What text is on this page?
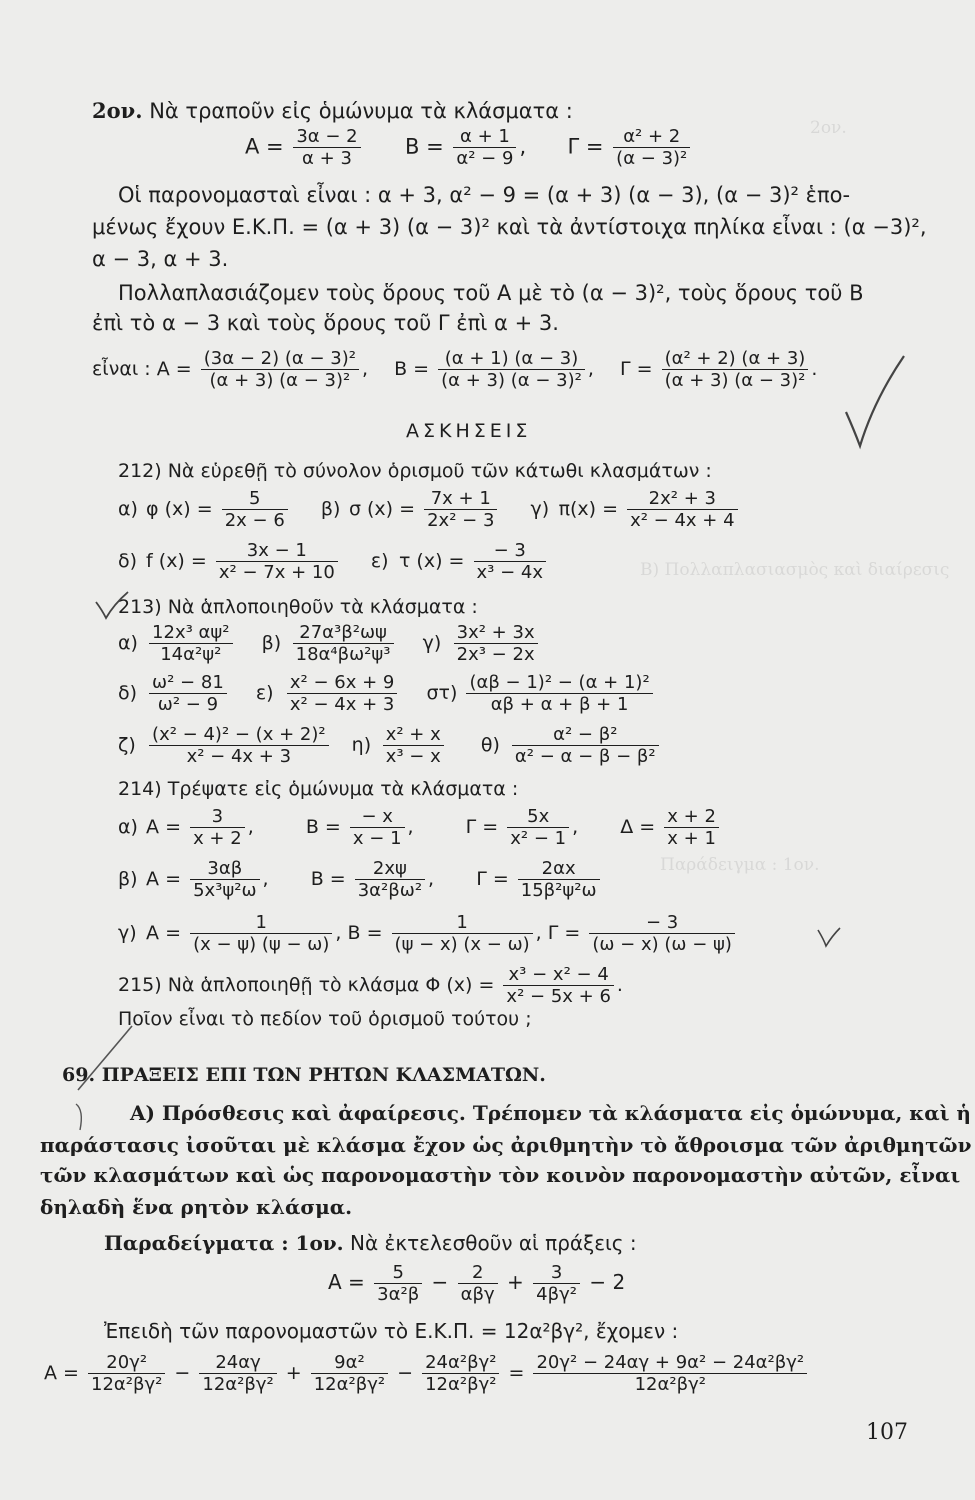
2ον.
B) Πολλαπλασιασμὸς καὶ διαίρεσις
Παράδειγμα : 1ον.
2ον. Νὰ τραποῦν εἰς ὁμώνυμα τὰ κλάσματα :
$A = \frac{3\alpha - 2}{\alpha + 3}$ $B = \frac{\alpha + 1}{\text{α² − 9}}$ , $\Gamma = \frac{\text{α² + 2}}{\text{(α − 3)²}}$
Οἱ παρονομασταὶ εἶναι : α + 3, α² − 9 = (α + 3) (α − 3), (α − 3)² ἑπο-
μένως ἔχουν Ε.Κ.Π. = (α + 3) (α − 3)² καὶ τὰ ἀντίστοιχα πηλίκα εἶναι : (α −3)²,
α − 3, α + 3.
Πολλαπλασιάζομεν τοὺς ὅρους τοῦ Α μὲ τὸ (α − 3)², τοὺς ὅρους τοῦ Β
ἐπὶ τὸ α − 3 καὶ τοὺς ὅρους τοῦ Γ ἐπὶ α + 3.
εἶναι : $A = \frac{\text{(3α − 2) (α − 3)²}}{\text{(α + 3) (α − 3)²}}$ , $B = \frac{(\alpha + 1) (\alpha - 3)}{\text{(α + 3) (α − 3)²}}$ , $\Gamma = \frac{\text{(α² + 2) (α + 3)}}{\text{(α + 3) (α − 3)²}}$ .
ΑΣΚΗΣΕΙΣ
212) Νὰ εὑρεθῇ τὸ σύνολον ὁρισμοῦ τῶν κάτωθι κλασμάτων :
α) φ $(x) = \frac{5}{2x - 6} \beta$) σ $(x) = \frac{7x + 1}{\text{2x² − 3}} \gamma$) $\pi(x) = \frac{\text{2x² + 3}}{\text{x² − 4x + 4}}$
δ) f $(x) = \frac{3x - 1}{\text{x² − 7x + 10}} \varepsilon$) τ $(x) = \frac{- 3}{\text{x³ − 4x}}$
213) Νὰ ἁπλοποιηθοῦν τὰ κλάσματα :
$\alpha) \frac{\text{12x³ αψ²}}{\text{14α²ψ²}} \beta) \frac{\text{27α³β²ωψ}}{\text{18α⁴βω²ψ³}} \gamma) \frac{\text{3x² + 3x}}{\text{2x³ − 2x}}$
$\delta) \frac{\text{ω² − 81}}{\text{ω² − 9}} \varepsilon) \frac{\text{x² − 6x + 9}}{\text{x² − 4x + 3}} \sigma\tau) \frac{\text{(αβ − 1)² − (α + 1)²}}{\alpha\beta + \alpha + \beta + 1}$
$\zeta) \frac{\text{(x² − 4)² − (x + 2)²}}{\text{x² − 4x + 3}} \eta) \frac{\text{x² + x}}{\text{x³ − x}} \theta) \frac{\text{α² − β²}}{\text{α² − α − β − β²}}$
214) Τρέψατε εἰς ὁμώνυμα τὰ κλάσματα :
α) $A = \frac{3}{x + 2}$ ,	$B = \frac{- x}{x - 1}$ ,	$\Gamma = \frac{5x}{\text{x² − 1}}$ , $\Delta = \frac{x + 2}{x + 1}$
β) $A = \frac{3\alpha\beta}{\text{5x³ψ²ω}}$ , $B = \frac{2x\psi}{\text{3α²βω²}}$ , $\Gamma = \frac{2\alpha x}{\text{15β²ψ²ω}}$
γ) $A = \frac{1}{(x - \psi) (\psi - \omega)}$ , $B = \frac{1}{(\psi - x) (x - \omega)}$ , $\Gamma = \frac{- 3}{(\omega - x) (\omega - \psi)}$
215) Νὰ ἁπλοποιηθῇ τὸ κλάσμα Φ $(x) = \frac{\text{x³ − x² − 4}}{\text{x² − 5x + 6}}$ .
Ποῖον εἶναι τὸ πεδίον τοῦ ὁρισμοῦ τούτου ;
69. ΠΡΑΞΕΙΣ ΕΠΙ ΤΩΝ ΡΗΤΩΝ ΚΛΑΣΜΑΤΩΝ.
Α) Πρόσθεσις καὶ ἀφαίρεσις. Τρέπομεν τὰ κλάσματα εἰς ὁμώνυμα, καὶ ἡ
παράστασις ἰσοῦται μὲ κλάσμα ἔχον ὡς ἀριθμητὴν τὸ ἄθροισμα τῶν ἀριθμητῶν
τῶν κλασμάτων καὶ ὡς παρονομαστὴν τὸν κοινὸν παρονομαστὴν αὐτῶν, εἶναι
δηλαδὴ ἕνα ρητὸν κλάσμα.
Παραδείγματα : 1ον. Νὰ ἐκτελεσθοῦν αἱ πράξεις :
$A = \frac{5}{\text{3α²β}}$ −	2
αβγ
+ $\frac{3}{\text{4βγ²}} - 2$
Ἐπειδὴ τῶν παρονομαστῶν τὸ Ε.Κ.Π. = 12α²βγ², ἔχομεν :
$A = \frac{\text{20γ²}}{\text{12α²βγ²}} - \frac{24\alpha\gamma}{\text{12α²βγ²}} + \frac{\text{9α²}}{\text{12α²βγ²}} - \frac{\text{24α²βγ²}}{\text{12α²βγ²}} = \frac{\text{20γ² − 24αγ + 9α² − 24α²βγ²}}{\text{12α²βγ²}}$
107
